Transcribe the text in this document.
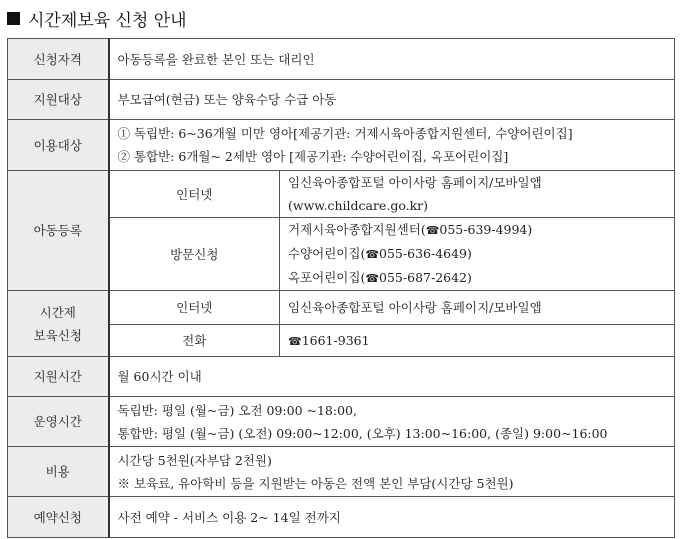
시간제보육 신청 안내
신청자격	아동등록을 완료한 본인 또는 대리인	
지원대상	부모급여(현금) 또는 양육수당 수급 아동	
이용대상	① 독립반: 6~36개월 미만 영아[제공기관: 거제시육아종합지원센터, 수양어린이집]
② 통합반: 6개월~ 2세반 영아 [제공기관: 수양어린이집, 옥포어린이집]	

아동등록	인터넷	임신육아종합포털 아이사랑 홈페이지/모바일앱
(www.childcare.go.kr)

	방문신청	거제시육아종합지원센터( ☎ 055-639-4994)
수양어린이집( ☎ 055-636-4649)
옥포어린이집( ☎ 055-687-2642)

시간제
보육신청	인터넷	임신육아종합포털 아이사랑 홈페이지/모바일앱
	전화	☎1661-9361
지원시간	월 60시간 이내	
운영시간	독립반: 평일 (월~금) 오전 09:00 ~18:00,
통합반: 평일 (월~금) (오전) 09:00~12:00, (오후) 13:00~16:00, (종일) 9:00~16:00	

비용	시간당 5천원(자부담 2천원)
※ 보육료, 유아학비 등을 지원받는 아동은 전액 본인 부담(시간당 5천원)	

예약신청	사전 예약 - 서비스 이용 2~ 14일 전까지	
